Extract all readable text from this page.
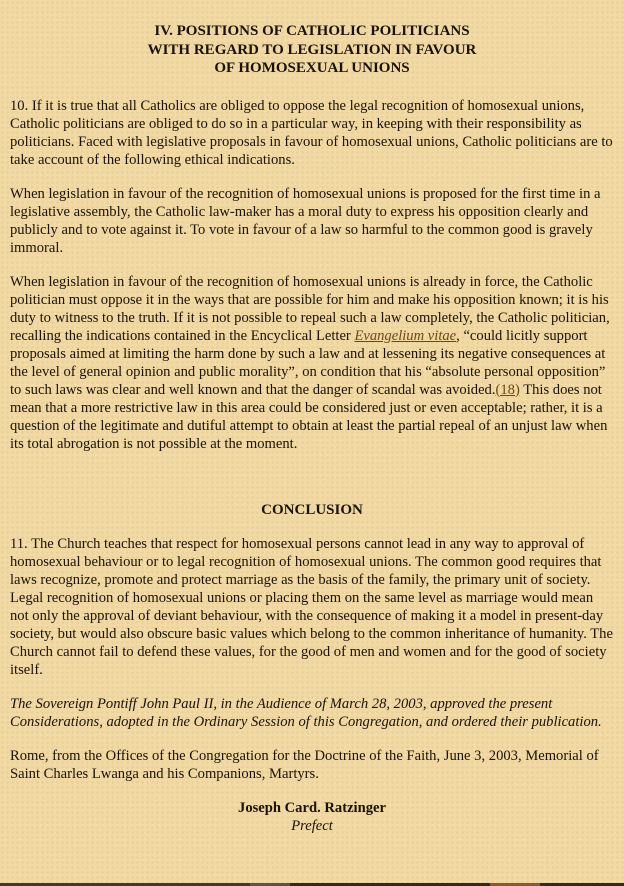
IV. POSITIONS OF CATHOLIC POLITICIANS
WITH REGARD TO LEGISLATION IN FAVOUR
OF HOMOSEXUAL UNIONS

10. If it is true that all Catholics are obliged to oppose the legal recognition of homosexual unions, Catholic politicians are obliged to do so in a particular way, in keeping with their responsibility as politicians. Faced with legislative proposals in favour of homosexual unions, Catholic politicians are to take account of the following ethical indications.

When legislation in favour of the recognition of homosexual unions is proposed for the first time in a legislative assembly, the Catholic law-maker has a moral duty to express his opposition clearly and publicly and to vote against it. To vote in favour of a law so harmful to the common good is gravely immoral.

When legislation in favour of the recognition of homosexual unions is already in force, the Catholic politician must oppose it in the ways that are possible for him and make his opposition known; it is his duty to witness to the truth. If it is not possible to repeal such a law completely, the Catholic politician, recalling the indications contained in the Encyclical Letter Evangelium vitae, “could licitly support proposals aimed at limiting the harm done by such a law and at lessening its negative consequences at the level of general opinion and public morality”, on condition that his “absolute personal opposition” to such laws was clear and well known and that the danger of scandal was avoided.(18) This does not mean that a more restrictive law in this area could be considered just or even acceptable; rather, it is a question of the legitimate and dutiful attempt to obtain at least the partial repeal of an unjust law when its total abrogation is not possible at the moment.

CONCLUSION

11. The Church teaches that respect for homosexual persons cannot lead in any way to approval of homosexual behaviour or to legal recognition of homosexual unions. The common good requires that laws recognize, promote and protect marriage as the basis of the family, the primary unit of society. Legal recognition of homosexual unions or placing them on the same level as marriage would mean not only the approval of deviant behaviour, with the consequence of making it a model in present-day society, but would also obscure basic values which belong to the common inheritance of humanity. The Church cannot fail to defend these values, for the good of men and women and for the good of society itself.

The Sovereign Pontiff John Paul II, in the Audience of March 28, 2003, approved the present Considerations, adopted in the Ordinary Session of this Congregation, and ordered their publication.

Rome, from the Offices of the Congregation for the Doctrine of the Faith, June 3, 2003, Memorial of Saint Charles Lwanga and his Companions, Martyrs.

Joseph Card. Ratzinger
Prefect
